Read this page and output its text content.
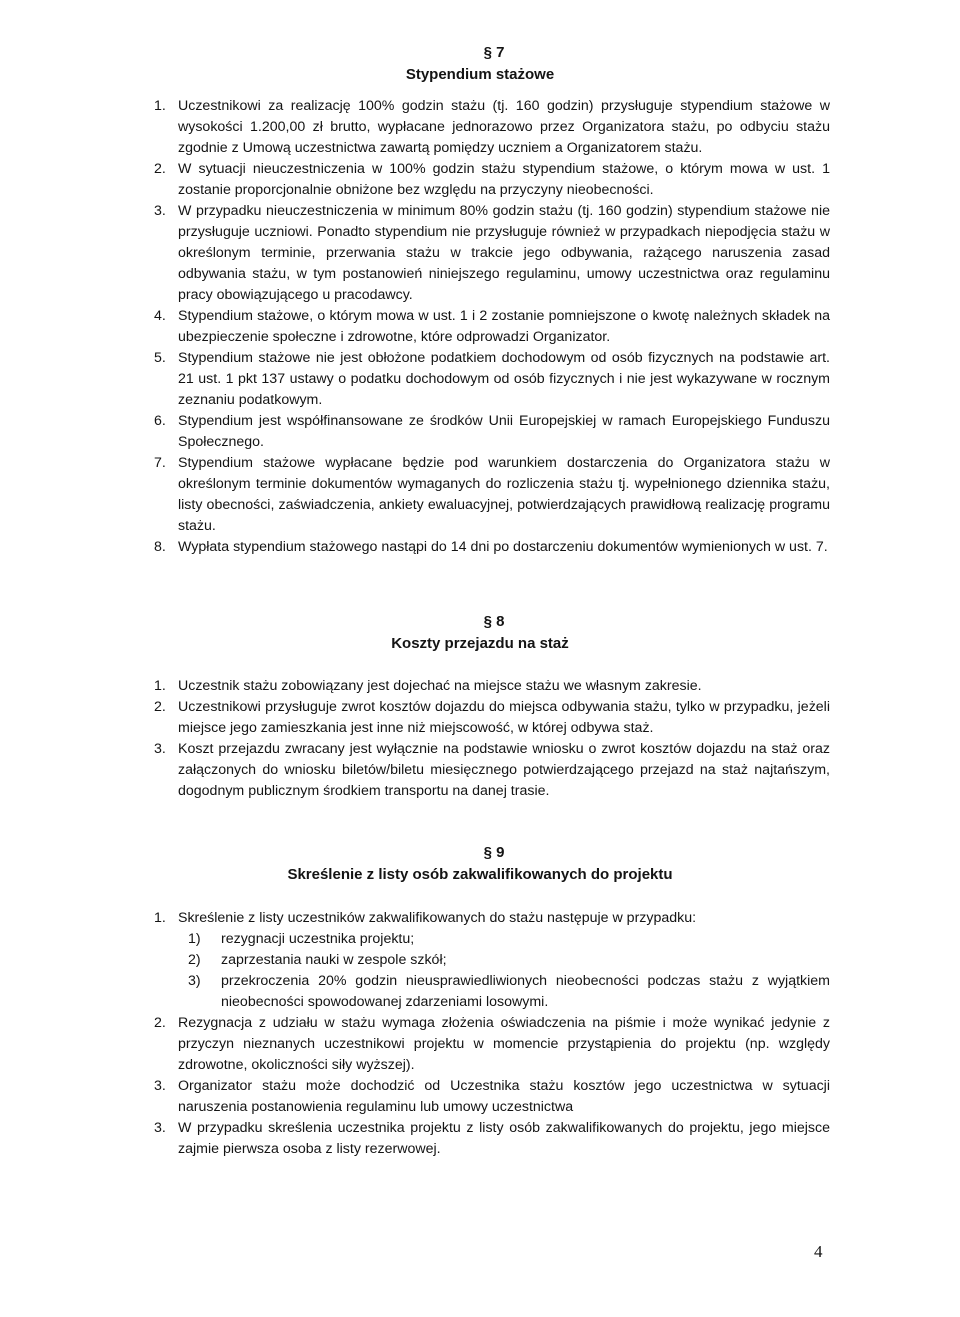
§ 7
Stypendium stażowe
1. Uczestnikowi za realizację 100% godzin stażu (tj. 160 godzin) przysługuje stypendium stażowe w wysokości 1.200,00 zł brutto, wypłacane jednorazowo przez Organizatora stażu, po odbyciu stażu zgodnie z Umową uczestnictwa zawartą pomiędzy uczniem a Organizatorem stażu.
2. W sytuacji nieuczestniczenia w 100% godzin stażu stypendium stażowe, o którym mowa w ust. 1 zostanie proporcjonalnie obniżone bez względu na przyczyny nieobecności.
3. W przypadku nieuczestniczenia w minimum 80% godzin stażu (tj. 160 godzin) stypendium stażowe nie przysługuje uczniowi. Ponadto stypendium nie przysługuje również w przypadkach niepodjęcia stażu w określonym terminie, przerwania stażu w trakcie jego odbywania, rażącego naruszenia zasad odbywania stażu, w tym postanowień niniejszego regulaminu, umowy uczestnictwa oraz regulaminu pracy obowiązującego u pracodawcy.
4. Stypendium stażowe, o którym mowa w ust. 1 i 2 zostanie pomniejszone o kwotę należnych składek na ubezpieczenie społeczne i zdrowotne, które odprowadzi Organizator.
5. Stypendium stażowe nie jest obłożone podatkiem dochodowym od osób fizycznych na podstawie art. 21 ust. 1 pkt 137 ustawy o podatku dochodowym od osób fizycznych i nie jest wykazywane w rocznym zeznaniu podatkowym.
6. Stypendium jest współfinansowane ze środków Unii Europejskiej w ramach Europejskiego Funduszu Społecznego.
7. Stypendium stażowe wypłacane będzie pod warunkiem dostarczenia do Organizatora stażu w określonym terminie dokumentów wymaganych do rozliczenia stażu tj. wypełnionego dziennika stażu, listy obecności, zaświadczenia, ankiety ewaluacyjnej, potwierdzających prawidłową realizację programu stażu.
8. Wypłata stypendium stażowego nastąpi do 14 dni po dostarczeniu dokumentów wymienionych w ust. 7.
§ 8
Koszty przejazdu na staż
1. Uczestnik stażu zobowiązany jest dojechać na miejsce stażu we własnym zakresie.
2. Uczestnikowi przysługuje zwrot kosztów dojazdu do miejsca odbywania stażu, tylko w przypadku, jeżeli miejsce jego zamieszkania jest inne niż miejscowość, w której odbywa staż.
3. Koszt przejazdu zwracany jest wyłącznie na podstawie wniosku o zwrot kosztów dojazdu na staż oraz załączonych do wniosku biletów/biletu miesięcznego potwierdzającego przejazd na staż najtańszym, dogodnym publicznym środkiem transportu na danej trasie.
§ 9
Skreślenie z listy osób zakwalifikowanych do projektu
1. Skreślenie z listy uczestników zakwalifikowanych do stażu następuje w przypadku:
1) rezygnacji uczestnika projektu;
2) zaprzestania nauki w zespole szkół;
3) przekroczenia 20% godzin nieusprawiedliwionych nieobecności podczas stażu z wyjątkiem nieobecności spowodowanej zdarzeniami losowymi.
2. Rezygnacja z udziału w stażu wymaga złożenia oświadczenia na piśmie i może wynikać jedynie z przyczyn nieznanych uczestnikowi projektu w momencie przystąpienia do projektu (np. względy zdrowotne, okoliczności siły wyższej).
3. Organizator stażu może dochodzić od Uczestnika stażu kosztów jego uczestnictwa w sytuacji naruszenia postanowienia regulaminu lub umowy uczestnictwa
3. W przypadku skreślenia uczestnika projektu z listy osób zakwalifikowanych do projektu, jego miejsce zajmie pierwsza osoba z listy rezerwowej.
4
